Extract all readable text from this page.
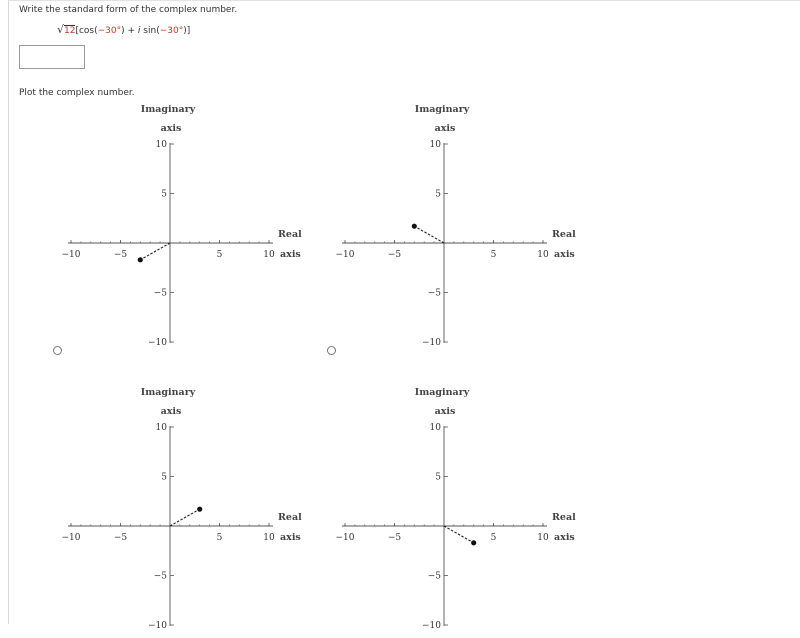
Write the standard form of the complex number.
√12[cos(−30°) + i sin(−30°)]
Plot the complex number.
−10	−5	5	10
10
5
−5
−10
Imaginary
axis
Real
axis	−10	−5	5	10
10
5
−5
−10
Imaginary
axis
Real
axis
−10	−5	5	10
10
5
−5
−10
Imaginary
axis
Real
axis	−10	−5	5	10
10
5
−5
−10
Imaginary
axis
Real
axis
